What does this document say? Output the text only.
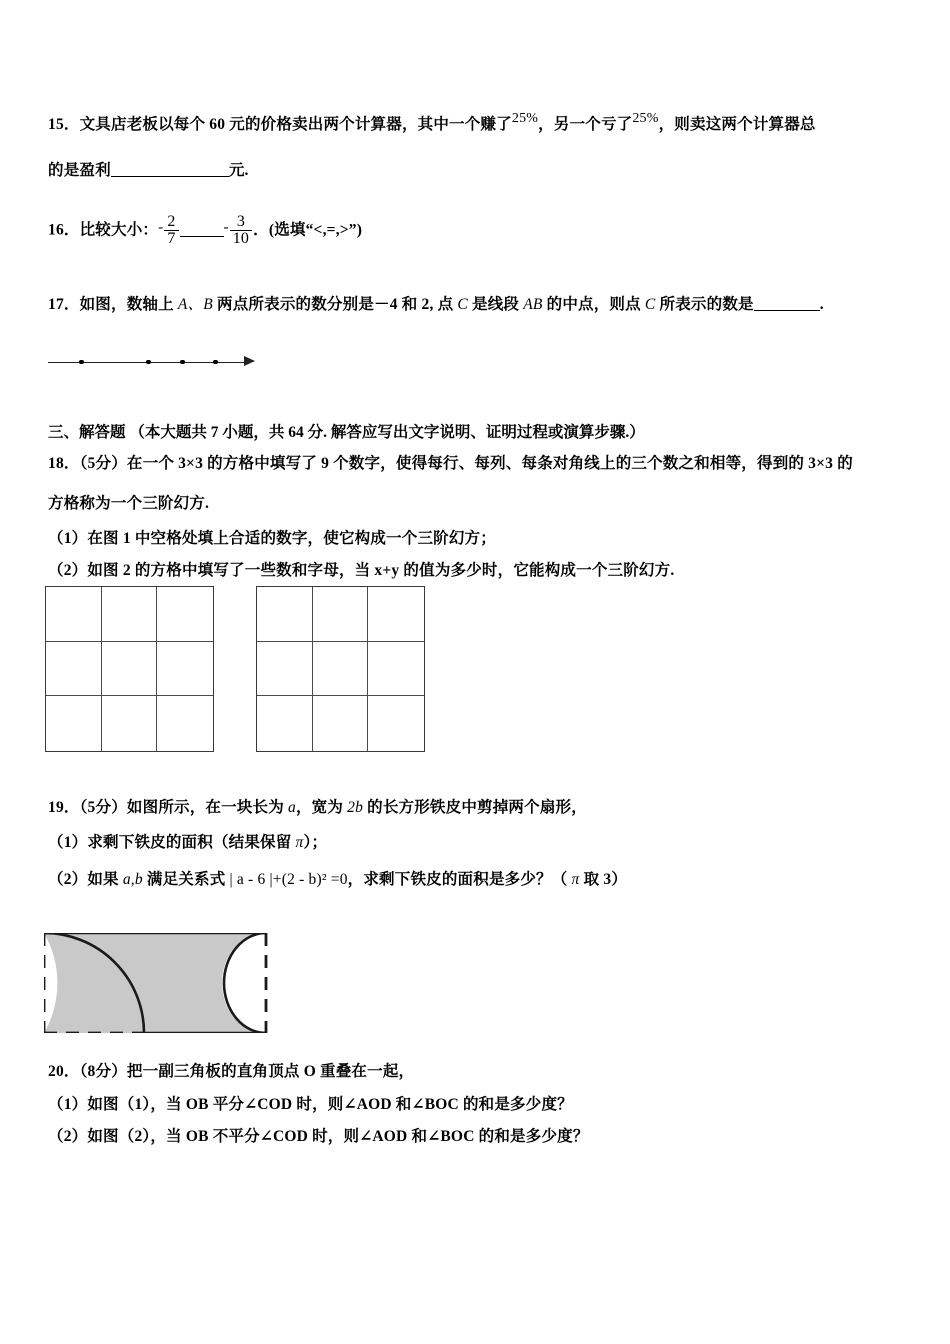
15．文具店老板以每个 60 元的价格卖出两个计算器，其中一个赚了25%，另一个亏了25%，则卖这两个计算器总
的是盈利	元.
16．比较大小：- $\frac{2}{7}$	- $\frac{3}{10}$ ．(选填“<,=,>”)
17．如图，数轴上 A、B 两点所表示的数分别是－4 和 2, 点 C 是线段 AB 的中点，则点 C 所表示的数是	.
三、解答题 （本大题共 7 小题，共 64 分. 解答应写出文字说明、证明过程或演算步骤.）
18．（5分）在一个 3×3 的方格中填写了 9 个数字，使得每行、每列、每条对角线上的三个数之和相等，得到的 3×3 的
方格称为一个三阶幻方.
（1）在图 1 中空格处填上合适的数字，使它构成一个三阶幻方；
（2）如图 2 的方格中填写了一些数和字母，当 x+y 的值为多少时，它能构成一个三阶幻方.
19．（5分）如图所示，在一块长为 a，宽为 2b 的长方形铁皮中剪掉两个扇形，
（1）求剩下铁皮的面积（结果保留 π）；
（2）如果 a,b 满足关系式 | a - 6 |+(2 - b)² =0，求剩下铁皮的面积是多少？（ π 取 3）
20．（8分）把一副三角板的直角顶点 O 重叠在一起，
（1）如图（1），当 OB 平分∠COD 时，则∠AOD 和∠BOC 的和是多少度？
（2）如图（2），当 OB 不平分∠COD 时，则∠AOD 和∠BOC 的和是多少度？
